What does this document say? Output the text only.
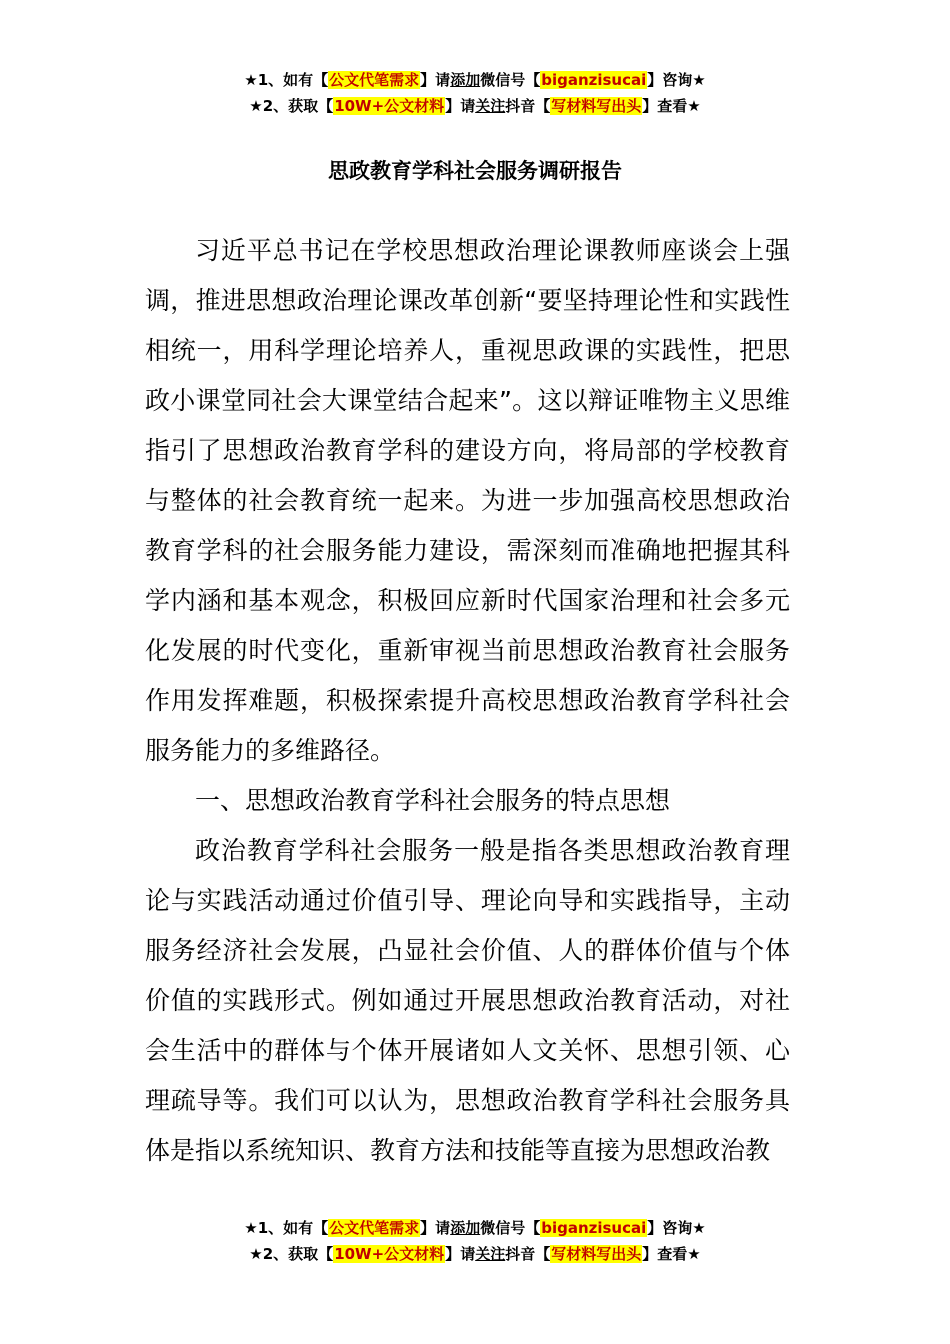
★1、如有【公文代笔需求】请添加微信号【biganzisucai】咨询★
★2、获取【10W+公文材料】请关注抖音【写材料写出头】查看★
思政教育学科社会服务调研报告

习近平总书记在学校思想政治理论课教师座谈会上强调，推进思想政治理论课改革创新“要坚持理论性和实践性相统一，用科学理论培养人，重视思政课的实践性，把思政小课堂同社会大课堂结合起来”。这以辩证唯物主义思维指引了思想政治教育学科的建设方向，将局部的学校教育与整体的社会教育统一起来。为进一步加强高校思想政治教育学科的社会服务能力建设，需深刻而准确地把握其科学内涵和基本观念，积极回应新时代国家治理和社会多元化发展的时代变化，重新审视当前思想政治教育社会服务作用发挥难题，积极探索提升高校思想政治教育学科社会服务能力的多维路径。

一、思想政治教育学科社会服务的特点思想

政治教育学科社会服务一般是指各类思想政治教育理论与实践活动通过价值引导、理论向导和实践指导，主动服务经济社会发展，凸显社会价值、人的群体价值与个体价值的实践形式。例如通过开展思想政治教育活动，对社会生活中的群体与个体开展诸如人文关怀、思想引领、心理疏导等。我们可以认为，思想政治教育学科社会服务具体是指以系统知识、教育方法和技能等直接为思想政治教

★1、如有【公文代笔需求】请添加微信号【biganzisucai】咨询★
★2、获取【10W+公文材料】请关注抖音【写材料写出头】查看★
